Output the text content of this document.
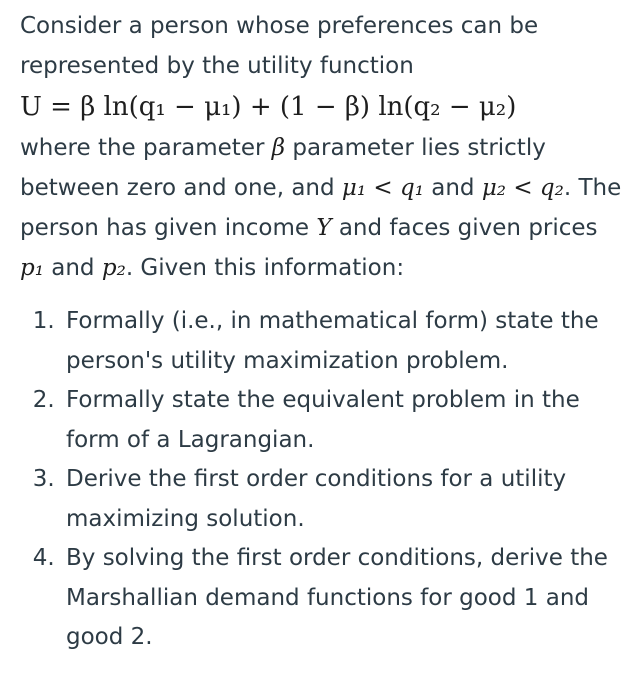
Consider a person whose preferences can be represented by the utility function

U = β ln(q₁ − μ₁) + (1 − β) ln(q₂ − μ₂)

where the parameter β parameter lies strictly between zero and one, and μ₁ < q₁ and μ₂ < q₂. The person has given income Y and faces given prices p₁ and p₂. Given this information:

1. Formally (i.e., in mathematical form) state the person's utility maximization problem.
2. Formally state the equivalent problem in the form of a Lagrangian.
3. Derive the first order conditions for a utility maximizing solution.
4. By solving the first order conditions, derive the Marshallian demand functions for good 1 and good 2.
